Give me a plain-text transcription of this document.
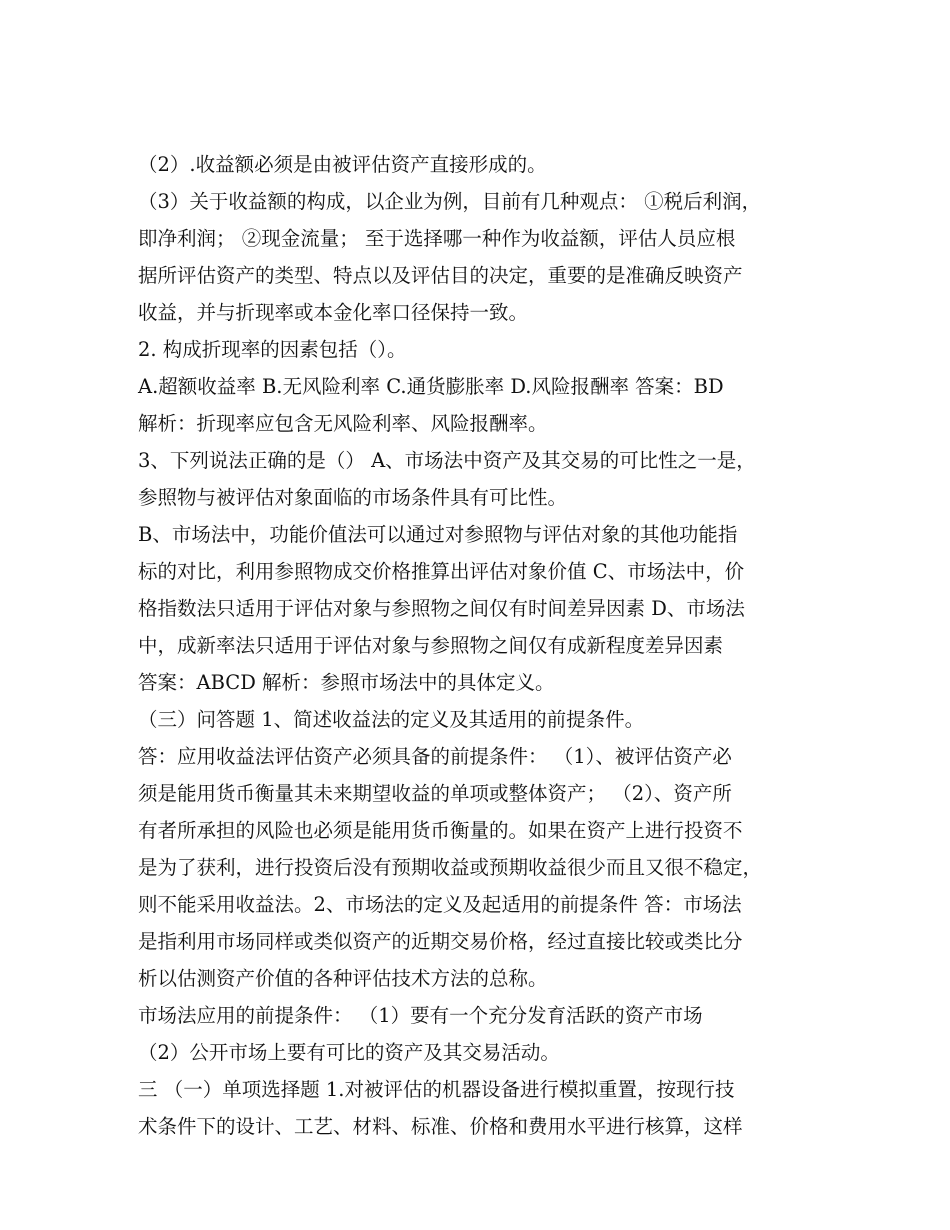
（2）.收益额必须是由被评估资产直接形成的。
（3）关于收益额的构成，以企业为例，目前有几种观点： ①税后利润，
即净利润； ②现金流量； 至于选择哪一种作为收益额，评估人员应根
据所评估资产的类型、特点以及评估目的决定，重要的是准确反映资产
收益，并与折现率或本金化率口径保持一致。
2. 构成折现率的因素包括（）。
A.超额收益率 B.无风险利率 C.通货膨胀率 D.风险报酬率 答案：BD
解析：折现率应包含无风险利率、风险报酬率。
3、下列说法正确的是（） A、市场法中资产及其交易的可比性之一是，
参照物与被评估对象面临的市场条件具有可比性。
B、市场法中，功能价值法可以通过对参照物与评估对象的其他功能指
标的对比，利用参照物成交价格推算出评估对象价值 C、市场法中，价
格指数法只适用于评估对象与参照物之间仅有时间差异因素 D、市场法
中，成新率法只适用于评估对象与参照物之间仅有成新程度差异因素
答案：ABCD 解析：参照市场法中的具体定义。
（三）问答题 1、简述收益法的定义及其适用的前提条件。
答：应用收益法评估资产必须具备的前提条件： （1）、被评估资产必
须是能用货币衡量其未来期望收益的单项或整体资产； （2）、资产所
有者所承担的风险也必须是能用货币衡量的。如果在资产上进行投资不
是为了获利，进行投资后没有预期收益或预期收益很少而且又很不稳定，
则不能采用收益法。2、市场法的定义及起适用的前提条件 答：市场法
是指利用市场同样或类似资产的近期交易价格，经过直接比较或类比分
析以估测资产价值的各种评估技术方法的总称。
市场法应用的前提条件： （1）要有一个充分发育活跃的资产市场
（2）公开市场上要有可比的资产及其交易活动。
三 （一）单项选择题 1.对被评估的机器设备进行模拟重置，按现行技
术条件下的设计、工艺、材料、标准、价格和费用水平进行核算，这样
